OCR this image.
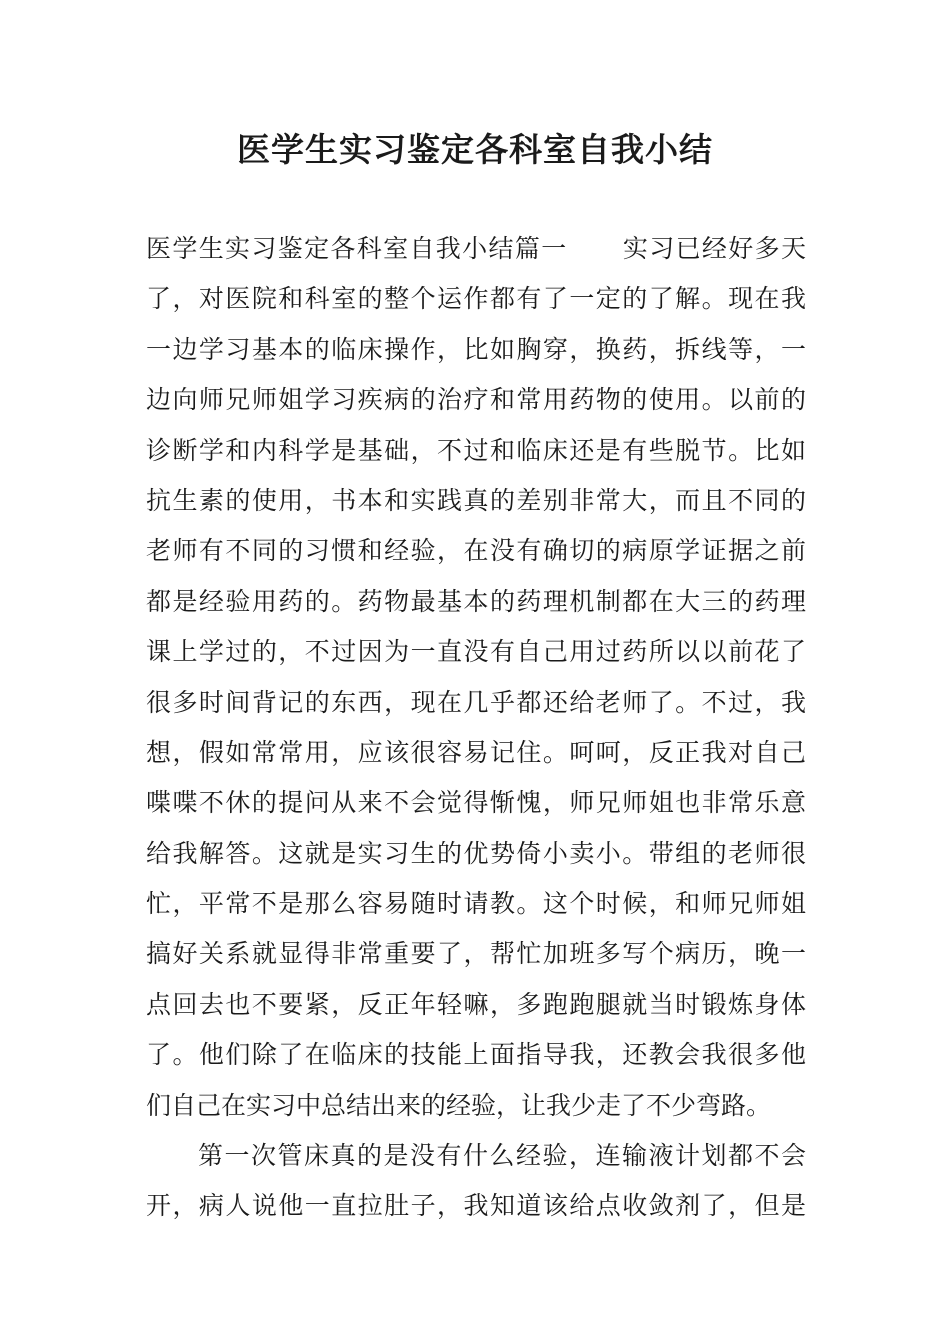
医学生实习鉴定各科室自我小结
医学生实习鉴定各科室自我小结篇一 实习已经好多天
了，对医院和科室的整个运作都有了一定的了解。现在我
一边学习基本的临床操作，比如胸穿，换药，拆线等，一
边向师兄师姐学习疾病的治疗和常用药物的使用。以前的
诊断学和内科学是基础，不过和临床还是有些脱节。比如
抗生素的使用，书本和实践真的差别非常大，而且不同的
老师有不同的习惯和经验，在没有确切的病原学证据之前
都是经验用药的。药物最基本的药理机制都在大三的药理
课上学过的，不过因为一直没有自己用过药所以以前花了
很多时间背记的东西，现在几乎都还给老师了。不过，我
想，假如常常用，应该很容易记住。呵呵，反正我对自己
喋喋不休的提问从来不会觉得惭愧，师兄师姐也非常乐意
给我解答。这就是实习生的优势倚小卖小。带组的老师很
忙，平常不是那么容易随时请教。这个时候，和师兄师姐
搞好关系就显得非常重要了，帮忙加班多写个病历，晚一
点回去也不要紧，反正年轻嘛，多跑跑腿就当时锻炼身体
了。他们除了在临床的技能上面指导我，还教会我很多他
们自己在实习中总结出来的经验，让我少走了不少弯路。
第一次管床真的是没有什么经验，连输液计划都不会
开，病人说他一直拉肚子，我知道该给点收敛剂了，但是
